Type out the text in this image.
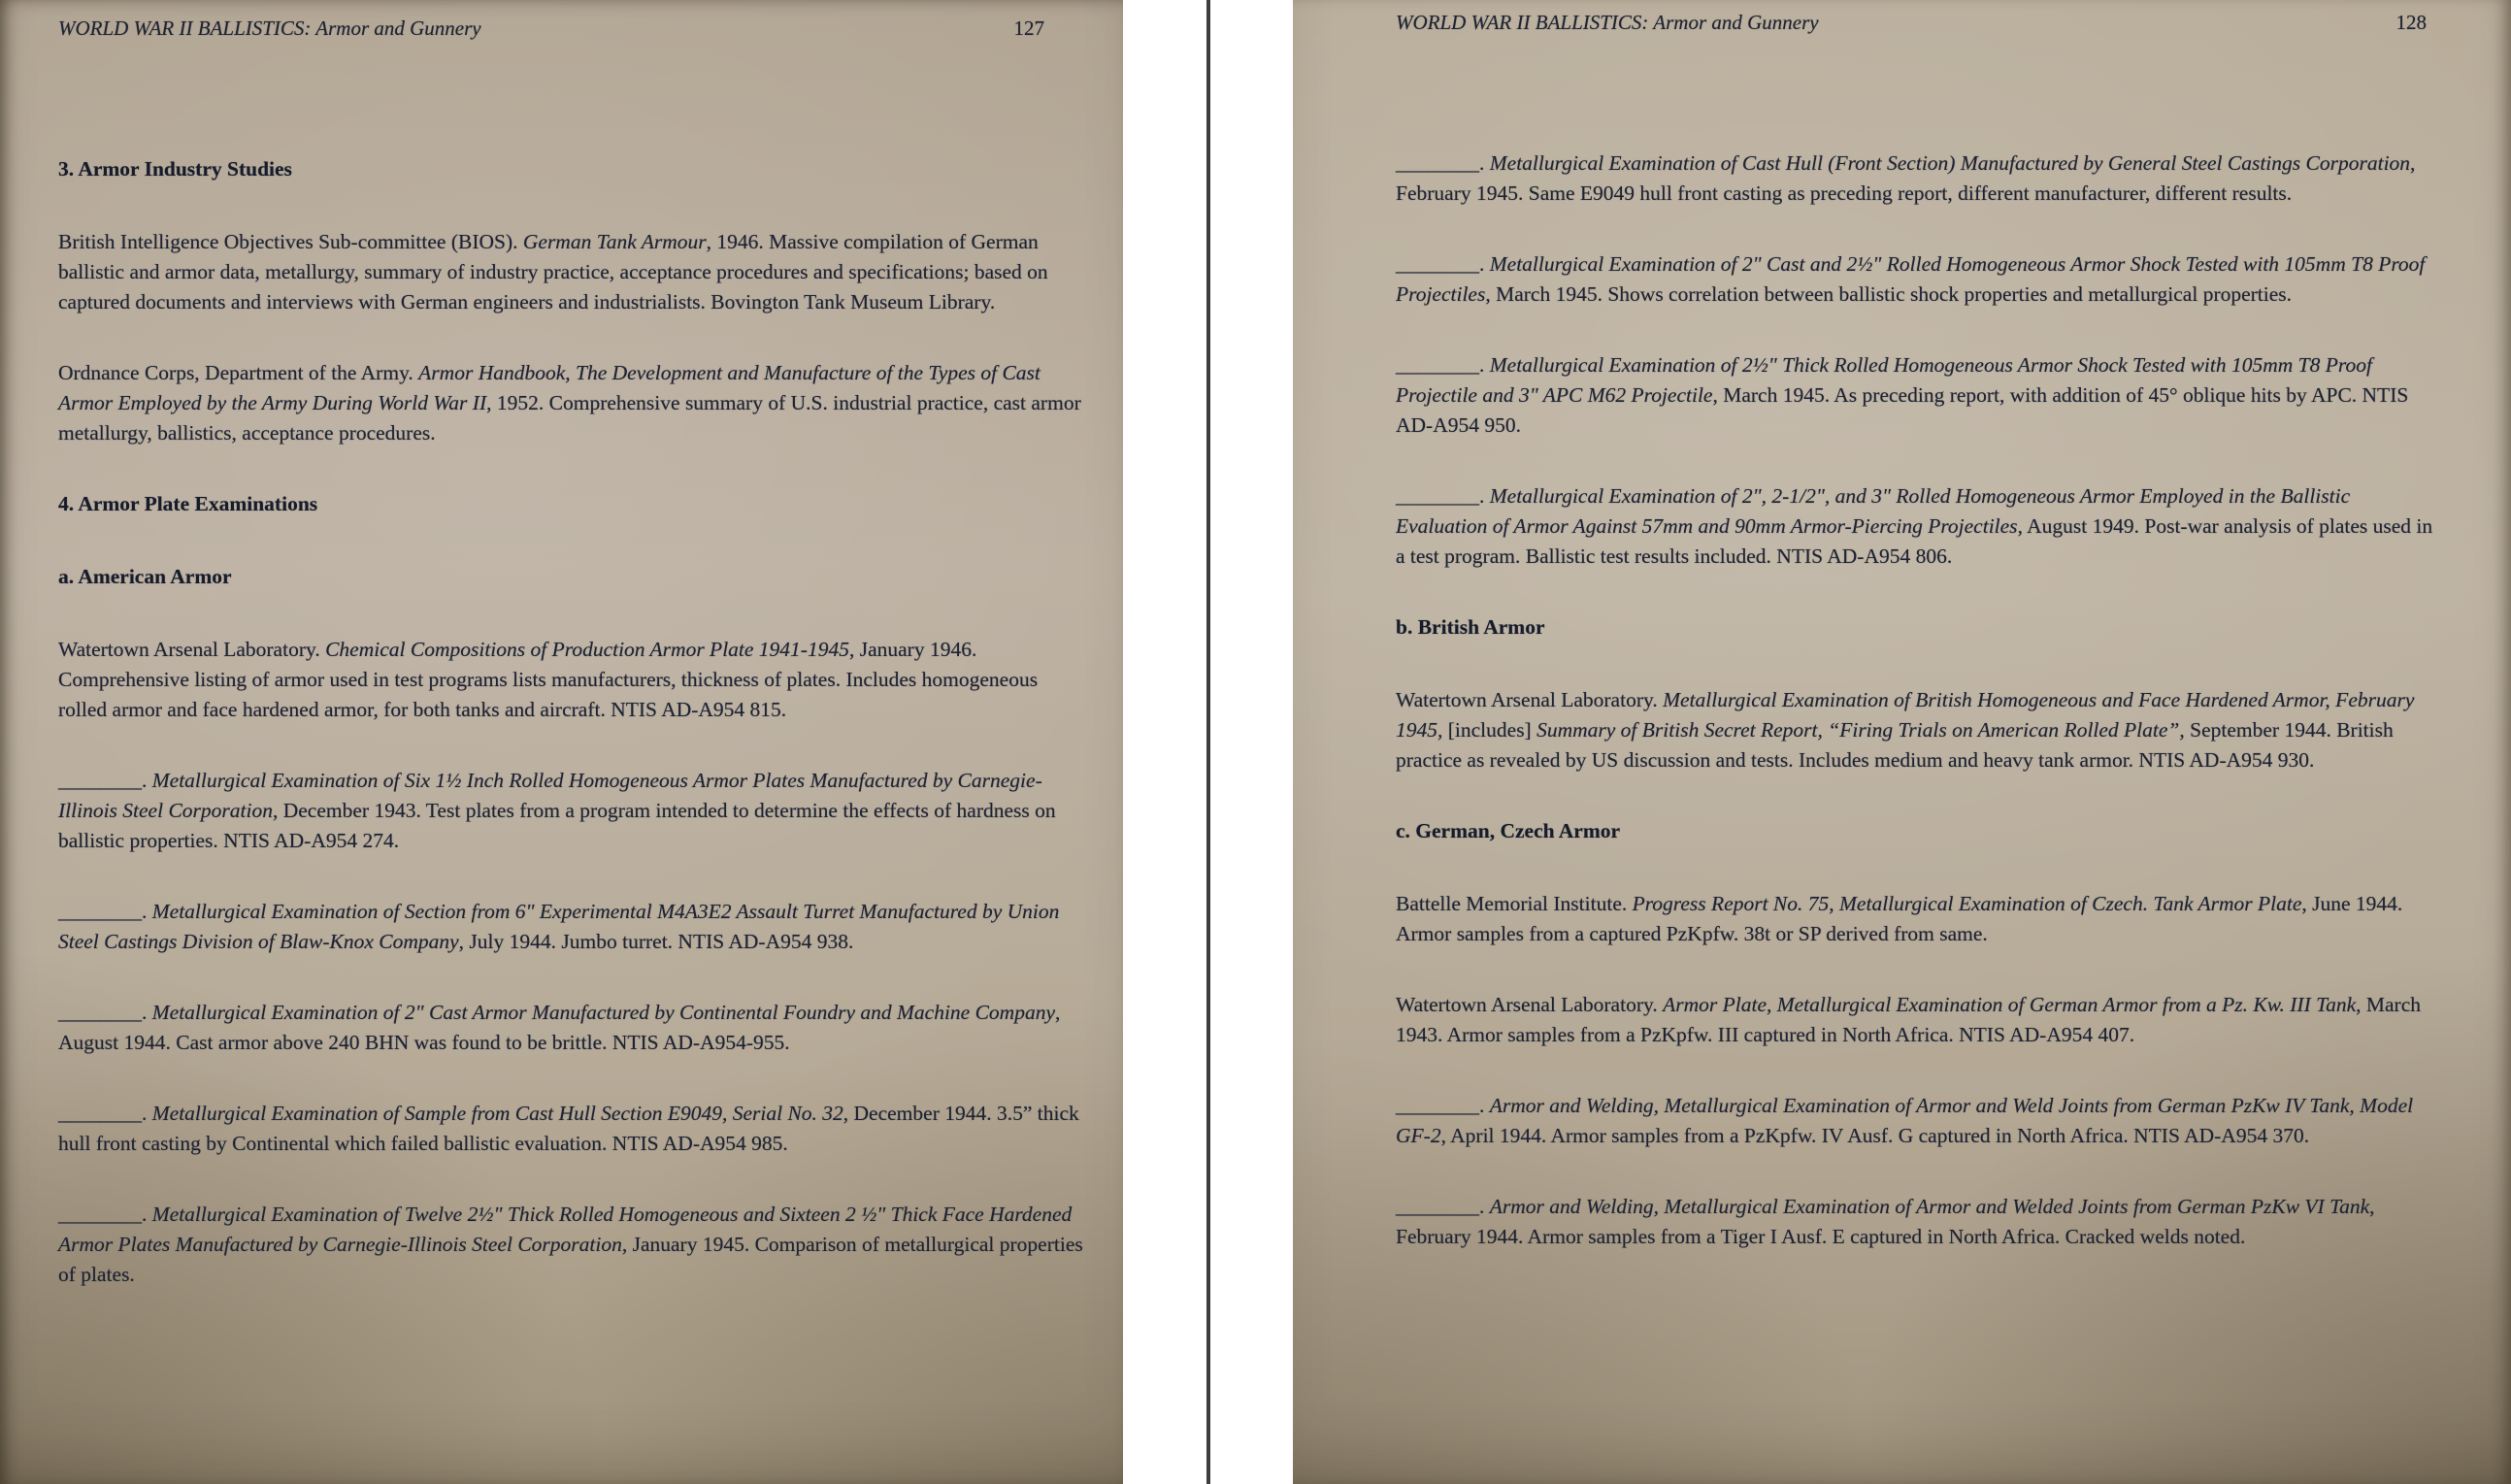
WORLD WAR II BALLISTICS: Armor and Gunnery	127
3. Armor Industry Studies

British Intelligence Objectives Sub-committee (BIOS). German Tank Armour, 1946. Massive compilation of German ballistic and armor data, metallurgy, summary of industry practice, acceptance procedures and specifications; based on captured documents and interviews with German engineers and industrialists. Bovington Tank Museum Library.

Ordnance Corps, Department of the Army. Armor Handbook, The Development and Manufacture of the Types of Cast Armor Employed by the Army During World War II, 1952. Comprehensive summary of U.S. industrial practice, cast armor metallurgy, ballistics, acceptance procedures.

4. Armor Plate Examinations
a. American Armor

Watertown Arsenal Laboratory. Chemical Compositions of Production Armor Plate 1941-1945, January 1946. Comprehensive listing of armor used in test programs lists manufacturers, thickness of plates. Includes homogeneous rolled armor and face hardened armor, for both tanks and aircraft. NTIS AD-A954 815.

________. Metallurgical Examination of Six 1½ Inch Rolled Homogeneous Armor Plates Manufactured by Carnegie-Illinois Steel Corporation, December 1943. Test plates from a program intended to determine the effects of hardness on ballistic properties. NTIS AD-A954 274.

________. Metallurgical Examination of Section from 6" Experimental M4A3E2 Assault Turret Manufactured by Union Steel Castings Division of Blaw-Knox Company, July 1944. Jumbo turret. NTIS AD-A954 938.

________. Metallurgical Examination of 2" Cast Armor Manufactured by Continental Foundry and Machine Company, August 1944. Cast armor above 240 BHN was found to be brittle. NTIS AD-A954-955.

________. Metallurgical Examination of Sample from Cast Hull Section E9049, Serial No. 32, December 1944. 3.5” thick hull front casting by Continental which failed ballistic evaluation. NTIS AD-A954 985.

________. Metallurgical Examination of Twelve 2½" Thick Rolled Homogeneous and Sixteen 2 ½" Thick Face Hardened Armor Plates Manufactured by Carnegie-Illinois Steel Corporation, January 1945. Comparison of metallurgical properties of plates.

WORLD WAR II BALLISTICS: Armor and Gunnery	128

________. Metallurgical Examination of Cast Hull (Front Section) Manufactured by General Steel Castings Corporation, February 1945. Same E9049 hull front casting as preceding report, different manufacturer, different results.

________. Metallurgical Examination of 2" Cast and 2½" Rolled Homogeneous Armor Shock Tested with 105mm T8 Proof Projectiles, March 1945. Shows correlation between ballistic shock properties and metallurgical properties.

________. Metallurgical Examination of 2½" Thick Rolled Homogeneous Armor Shock Tested with 105mm T8 Proof Projectile and 3" APC M62 Projectile, March 1945. As preceding report, with addition of 45° oblique hits by APC. NTIS AD-A954 950.

________. Metallurgical Examination of 2", 2-1/2", and 3" Rolled Homogeneous Armor Employed in the Ballistic Evaluation of Armor Against 57mm and 90mm Armor-Piercing Projectiles, August 1949. Post-war analysis of plates used in a test program. Ballistic test results included. NTIS AD-A954 806.

b. British Armor

Watertown Arsenal Laboratory. Metallurgical Examination of British Homogeneous and Face Hardened Armor, February 1945, [includes] Summary of British Secret Report, “Firing Trials on American Rolled Plate”, September 1944. British practice as revealed by US discussion and tests. Includes medium and heavy tank armor. NTIS AD-A954 930.

c. German, Czech Armor

Battelle Memorial Institute. Progress Report No. 75, Metallurgical Examination of Czech. Tank Armor Plate, June 1944. Armor samples from a captured PzKpfw. 38t or SP derived from same.

Watertown Arsenal Laboratory. Armor Plate, Metallurgical Examination of German Armor from a Pz. Kw. III Tank, March 1943. Armor samples from a PzKpfw. III captured in North Africa. NTIS AD-A954 407.

________. Armor and Welding, Metallurgical Examination of Armor and Weld Joints from German PzKw IV Tank, Model GF-2, April 1944. Armor samples from a PzKpfw. IV Ausf. G captured in North Africa. NTIS AD-A954 370.

________. Armor and Welding, Metallurgical Examination of Armor and Welded Joints from German PzKw VI Tank, February 1944. Armor samples from a Tiger I Ausf. E captured in North Africa. Cracked welds noted.
